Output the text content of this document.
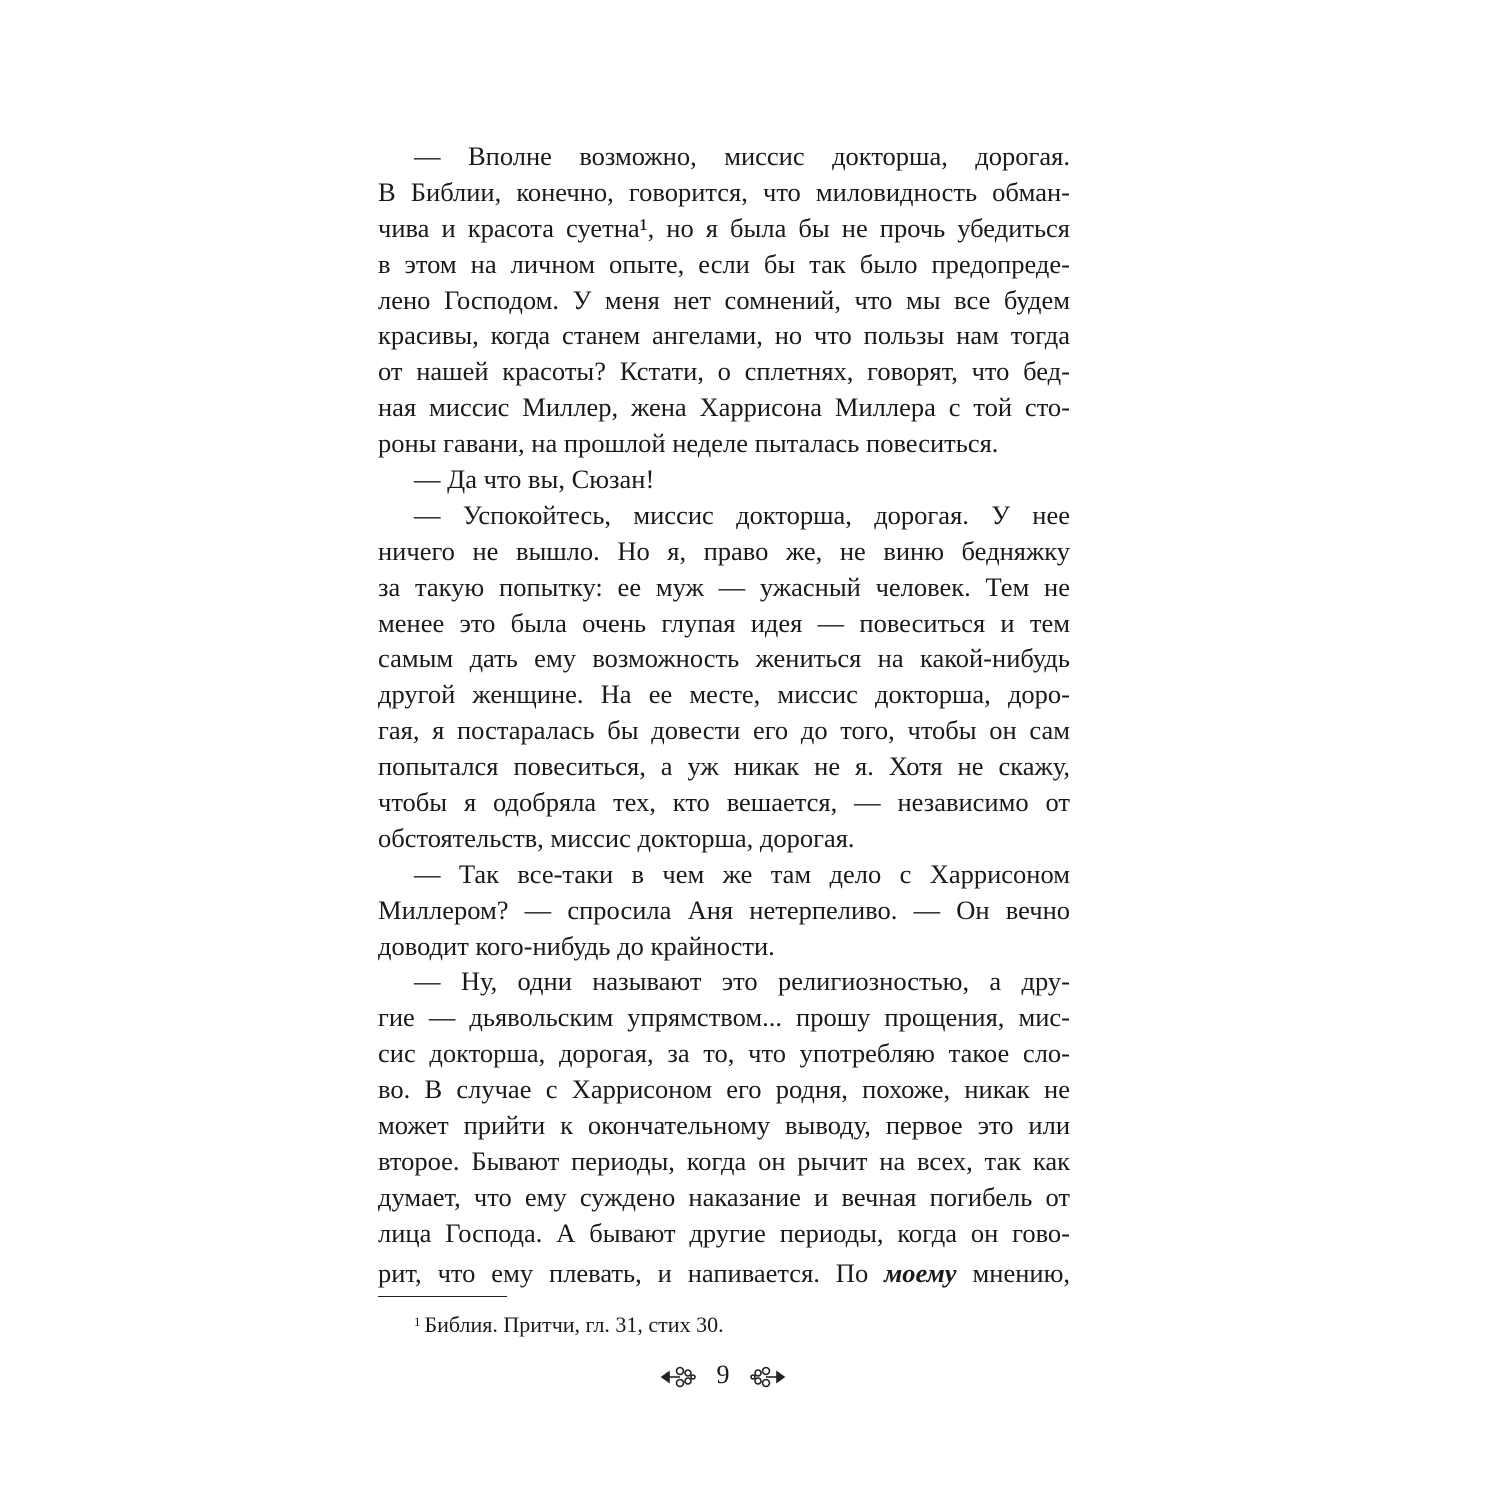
— Вполне возможно, миссис докторша, дорогая.
В Библии, конечно, говорится, что миловидность обман-
чива и красота суетна¹, но я была бы не прочь убедиться
в этом на личном опыте, если бы так было предопреде-
лено Господом. У меня нет сомнений, что мы все будем
красивы, когда станем ангелами, но что пользы нам тогда
от нашей красоты? Кстати, о сплетнях, говорят, что бед-
ная миссис Миллер, жена Харрисона Миллера с той сто-
роны гавани, на прошлой неделе пыталась повеситься.
— Да что вы, Сюзан!
— Успокойтесь, миссис докторша, дорогая. У нее
ничего не вышло. Но я, право же, не виню бедняжку
за такую попытку: ее муж — ужасный человек. Тем не
менее это была очень глупая идея — повеситься и тем
самым дать ему возможность жениться на какой-нибудь
другой женщине. На ее месте, миссис докторша, доро-
гая, я постаралась бы довести его до того, чтобы он сам
попытался повеситься, а уж никак не я. Хотя не скажу,
чтобы я одобряла тех, кто вешается, — независимо от
обстоятельств, миссис докторша, дорогая.
— Так все-таки в чем же там дело с Харрисоном
Миллером? — спросила Аня нетерпеливо. — Он вечно
доводит кого-нибудь до крайности.
— Ну, одни называют это религиозностью, а дру-
гие — дьявольским упрямством... прошу прощения, мис-
сис докторша, дорогая, за то, что употребляю такое сло-
во. В случае с Харрисоном его родня, похоже, никак не
может прийти к окончательному выводу, первое это или
второе. Бывают периоды, когда он рычит на всех, так как
думает, что ему суждено наказание и вечная погибель от
лица Господа. А бывают другие периоды, когда он гово-
рит, что ему плевать, и напивается. По моему мнению,
$^1$ Библия. Притчи, гл. 31, стих 30.
9
